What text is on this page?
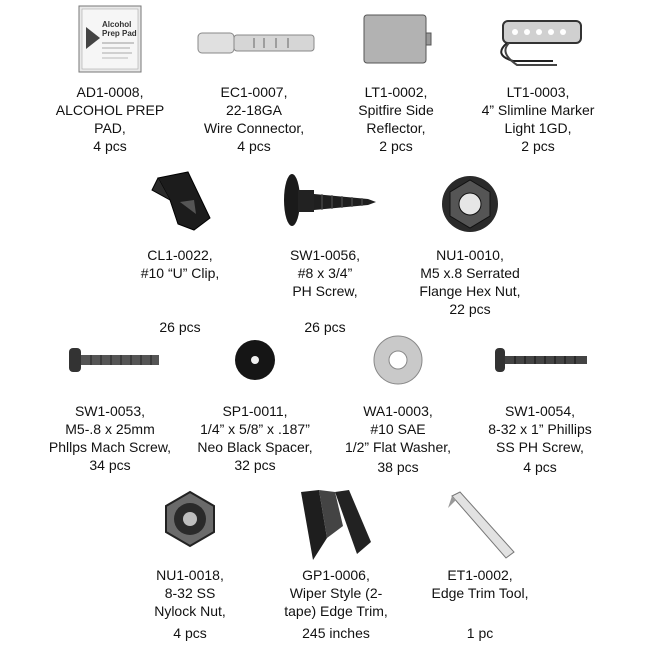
Alcohol
Prep Pad
AD1-0008,
ALCOHOL PREP
PAD,
4 pcs
EC1-0007,
22-18GA
Wire Connector,
4 pcs
LT1-0002,
Spitfire Side
Reflector,
2 pcs
LT1-0003,
4” Slimline Marker
Light 1GD,
2 pcs
CL1-0022,
#10 “U” Clip,
26 pcs
SW1-0056,
#8 x 3/4”
PH Screw,
26 pcs
NU1-0010,
M5 x.8 Serrated
Flange Hex Nut,
22 pcs
SW1-0053,
M5-.8 x 25mm
Phllps Mach Screw,
34 pcs
SP1-0011,
1/4” x 5/8” x .187”
Neo Black Spacer,
32 pcs
WA1-0003,
#10 SAE
1/2” Flat Washer,
38 pcs
SW1-0054,
8-32 x 1” Phillips
SS PH Screw,
4 pcs
NU1-0018,
8-32 SS
Nylock Nut,
4 pcs
GP1-0006,
Wiper Style (2-
tape) Edge Trim,
245 inches
ET1-0002,
Edge Trim Tool,
1 pc
